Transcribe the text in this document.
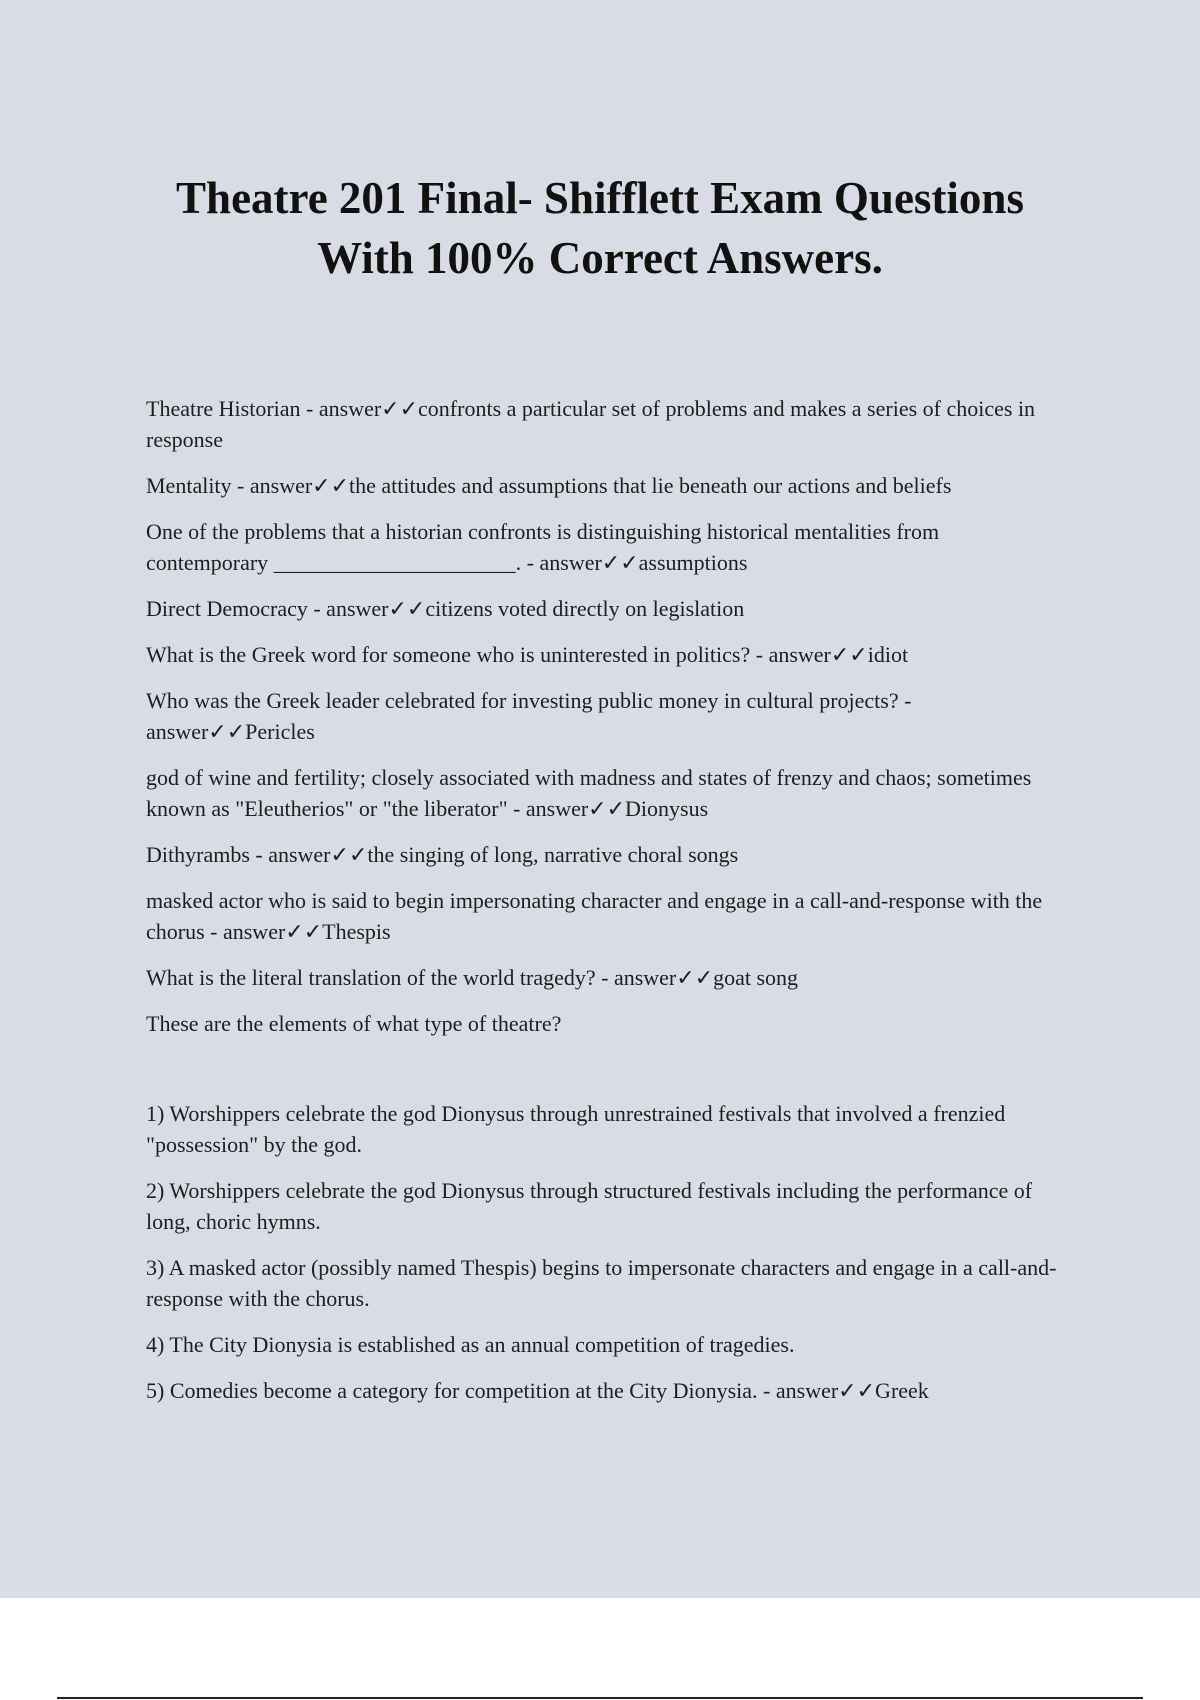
Theatre 201 Final- Shifflett Exam Questions
With 100% Correct Answers.

Theatre Historian - answer✓✓confronts a particular set of problems and makes a series of choices in response

Mentality - answer✓✓the attitudes and assumptions that lie beneath our actions and beliefs

One of the problems that a historian confronts is distinguishing historical mentalities from contemporary ______________________. - answer✓✓assumptions

Direct Democracy - answer✓✓citizens voted directly on legislation

What is the Greek word for someone who is uninterested in politics? - answer✓✓idiot

Who was the Greek leader celebrated for investing public money in cultural projects? - answer✓✓Pericles

god of wine and fertility; closely associated with madness and states of frenzy and chaos; sometimes known as "Eleutherios" or "the liberator" - answer✓✓Dionysus

Dithyrambs - answer✓✓the singing of long, narrative choral songs

masked actor who is said to begin impersonating character and engage in a call-and-response with the chorus - answer✓✓Thespis

What is the literal translation of the world tragedy? - answer✓✓goat song

These are the elements of what type of theatre?

1) Worshippers celebrate the god Dionysus through unrestrained festivals that involved a frenzied "possession" by the god.

2) Worshippers celebrate the god Dionysus through structured festivals including the performance of long, choric hymns.

3) A masked actor (possibly named Thespis) begins to impersonate characters and engage in a call-and-response with the chorus.

4) The City Dionysia is established as an annual competition of tragedies.

5) Comedies become a category for competition at the City Dionysia. - answer✓✓Greek
